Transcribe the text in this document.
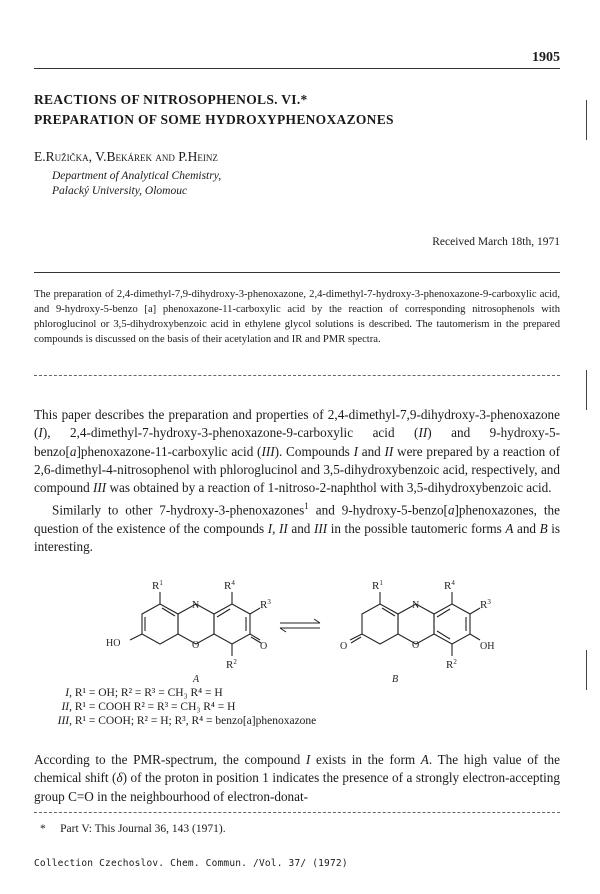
1905
REACTIONS OF NITROSOPHENOLS. VI.*
PREPARATION OF SOME HYDROXYPHENOXAZONES
E.Ružička, V.Bekárek and P.Heinz
Department of Analytical Chemistry,
Palacký University, Olomouc
Received March 18th, 1971

The preparation of 2,4-dimethyl-7,9-dihydroxy-3-phenoxazone, 2,4-dimethyl-7-hydroxy-3-phenoxazone-9-carboxylic acid, and 9-hydroxy-5-benzo [a] phenoxazone-11-carboxylic acid by the reaction of corresponding nitrosophenols with phloroglucinol or 3,5-dihydroxybenzoic acid in ethylene glycol solutions is described. The tautomerism in the prepared compounds is discussed on the basis of their acetylation and IR and PMR spectra.

This paper describes the preparation and properties of 2,4-dimethyl-7,9-dihydroxy-3-phenoxazone (I), 2,4-dimethyl-7-hydroxy-3-phenoxazone-9-carboxylic acid (II) and 9-hydroxy-5-benzo[a]phenoxazone-11-carboxylic acid (III). Compounds I and II were prepared by a reaction of 2,6-dimethyl-4-nitrosophenol with phloroglucinol and 3,5-dihydroxybenzoic acid, respectively, and compound III was obtained by a reaction of 1-nitroso-2-naphthol with 3,5-dihydroxybenzoic acid.

Similarly to other 7-hydroxy-3-phenoxazones$^1$ and 9-hydroxy-5-benzo[a]phenoxazones, the question of the existence of the compounds I, II and III in the possible tautomeric forms A and B is interesting.

$R^1$	$R^4$
$R^3$
$R^2$
N
O
HO	O
A
$R^1$	$R^4$
$R^3$
$R^2$
N
O
O	OH
B
I, R¹ = OH; R² = R³ = CH₃ R⁴ = H
II, R¹ = COOH R² = R³ = CH₃ R⁴ = H
III, R¹ = COOH; R² = H; R³, R⁴ = benzo[a]phenoxazone

According to the PMR-spectrum, the compound I exists in the form A. The high value of the chemical shift (δ) of the proton in position 1 indicates the presence of a strongly electron-accepting group C=O in the neighbourhood of electron-donat-

* Part V: This Journal 36, 143 (1971).
Collection Czechoslov. Chem. Commun. /Vol. 37/ (1972)
